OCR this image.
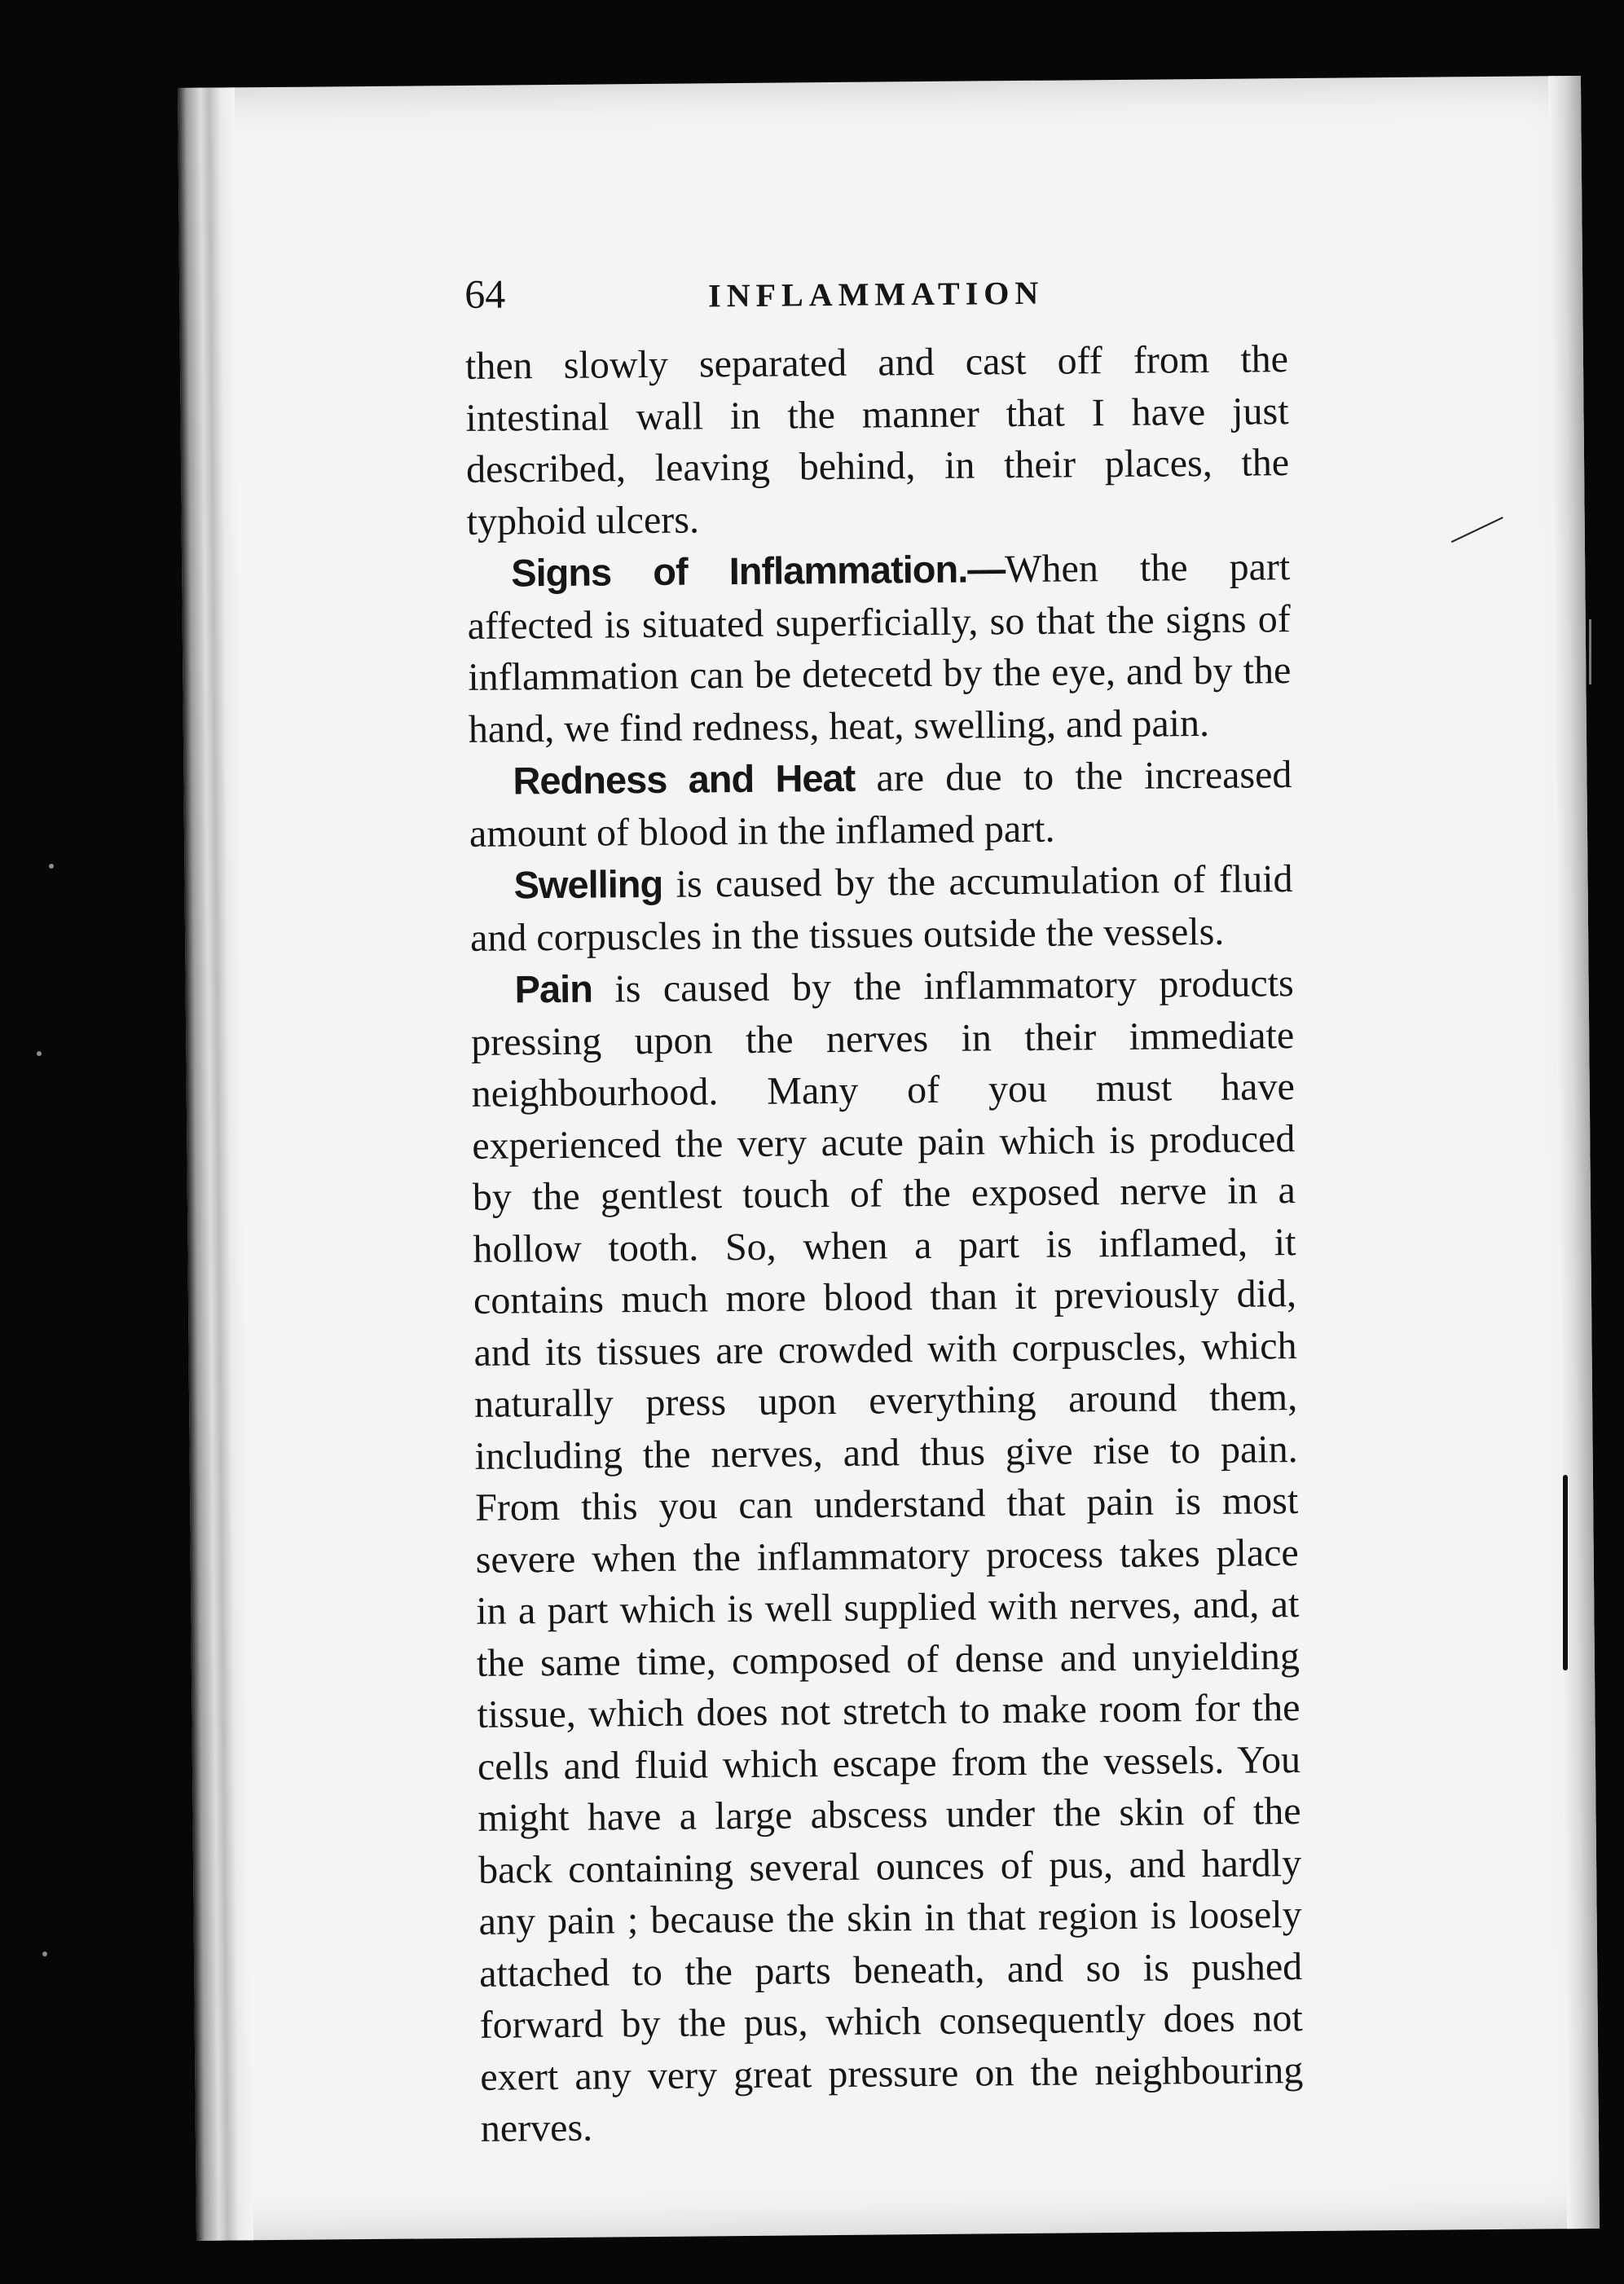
64	INFLAMMATION

then slowly separated and cast off from the intestinal wall in the manner that I have just described, leaving behind, in their places, the typhoid ulcers.

Signs of Inflammation.—When the part affected is situated superficially, so that the signs of inflammation can be detecetd by the eye, and by the hand, we find redness, heat, swelling, and pain.

Redness and Heat are due to the increased amount of blood in the inflamed part.

Swelling is caused by the accumulation of fluid and corpuscles in the tissues outside the vessels.

Pain is caused by the inflammatory products pressing upon the nerves in their immediate neighbourhood. Many of you must have experienced the very acute pain which is produced by the gentlest touch of the exposed nerve in a hollow tooth. So, when a part is inflamed, it contains much more blood than it previously did, and its tissues are crowded with corpuscles, which naturally press upon everything around them, including the nerves, and thus give rise to pain. From this you can understand that pain is most severe when the inflammatory process takes place in a part which is well supplied with nerves, and, at the same time, composed of dense and unyielding tissue, which does not stretch to make room for the cells and fluid which escape from the vessels. You might have a large abscess under the skin of the back containing several ounces of pus, and hardly any pain ; because the skin in that region is loosely attached to the parts beneath, and so is pushed forward by the pus, which consequently does not exert any very great pressure on the neighbouring nerves.
